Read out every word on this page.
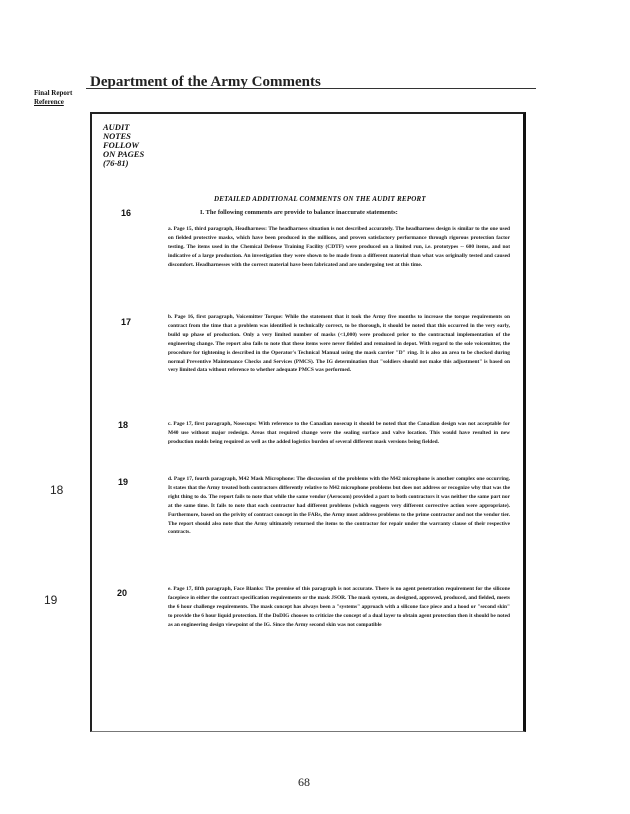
Department of the Army Comments
Final Report
Reference
18
19
AUDIT
NOTES
FOLLOW
ON PAGES
(76-81)
DETAILED ADDITIONAL COMMENTS ON THE AUDIT REPORT
16
17
18
19
20
I. The following comments are provide to balance inaccurate statements:
a. Page 15, third paragraph, Headharness: The headharness situation is not described accurately. The headharness design is similar to the one used on fielded protective masks, which have been produced in the millions, and proven satisfactory performance through rigorous protection factor testing. The items used in the Chemical Defense Training Facility (CDTF) were produced on a limited run, i.e. prototypes -- 600 items, and not indicative of a large production. An investigation they were shown to be made from a different material than what was originally tested and caused discomfort. Headharnesses with the correct material have been fabricated and are undergoing test at this time.
b. Page 16, first paragraph, Voicemitter Torque: While the statement that it took the Army five months to increase the torque requirements on contract from the time that a problem was identified is technically correct, to be thorough, it should be noted that this occurred in the very early, build up phase of production. Only a very limited number of masks (<1,000) were produced prior to the contractual implementation of the engineering change. The report also fails to note that these items were never fielded and remained in depot. With regard to the sole voicemitter, the procedure for tightening is described in the Operator's Technical Manual using the mask carrier "D" ring. It is also an area to be checked during normal Preventive Maintenance Checks and Services (PMCS). The IG determination that "soldiers should not make this adjustment" is based on very limited data without reference to whether adequate PMCS was performed.
c. Page 17, first paragraph, Nosecups: With reference to the Canadian nosecup it should be noted that the Canadian design was not acceptable for M40 use without major redesign. Areas that required change were the sealing surface and valve location. This would have resulted in new production molds being required as well as the added logistics burden of several different mask versions being fielded.
d. Page 17, fourth paragraph, M42 Mask Microphone: The discussion of the problems with the M42 microphone is another complex one occurring. It states that the Army treated both contractors differently relative to M42 microphone problems but does not address or recognize why that was the right thing to do. The report fails to note that while the same vendor (Aerocom) provided a part to both contractors it was neither the same part nor at the same time. It fails to note that each contractor had different problems (which suggests very different corrective action were appropriate). Furthermore, based on the privity of contract concept in the FARs, the Army must address problems to the prime contractor and not the vendor tier. The report should also note that the Army ultimately returned the items to the contractor for repair under the warranty clause of their respective contracts.
e. Page 17, fifth paragraph, Face Blanks: The premise of this paragraph is not accurate. There is no agent penetration requirement for the silicone facepiece in either the contract specification requirements or the mask JSOR. The mask system, as designed, approved, produced, and fielded, meets the 6 hour challenge requirements. The mask concept has always been a "systems" approach with a silicone face piece and a hood or "second skin" to provide the 6 hour liquid protection. If the DoDIG chooses to criticize the concept of a dual layer to obtain agent protection then it should be noted as an engineering design viewpoint of the IG. Since the Army second skin was not compatible
68
